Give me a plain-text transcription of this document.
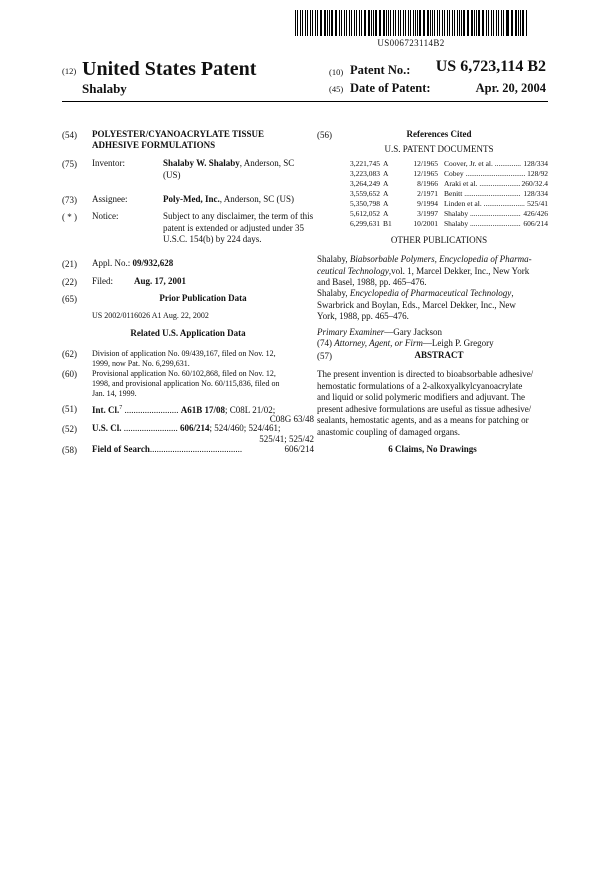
US006723114B2
(12) United States Patent
Shalaby
(10) Patent No.:	US 6,723,114 B2
(45) Date of Patent:	Apr. 20, 2004
(54) POLYESTER/CYANOACRYLATE TISSUE
ADHESIVE FORMULATIONS
(75) Inventor:	Shalaby W. Shalaby, Anderson, SC
(US)
(73) Assignee:	Poly-Med, Inc., Anderson, SC (US)
( * ) Notice:	Subject to any disclaimer, the term of this
patent is extended or adjusted under 35
U.S.C. 154(b) by 224 days.
(21) Appl. No.: 09/932,628
(22) Filed: Aug. 17, 2001
(65)	Prior Publication Data
US 2002/0116026 A1 Aug. 22, 2002
Related U.S. Application Data
(62) Division of application No. 09/439,167, filed on Nov. 12,
1999, now Pat. No. 6,299,631.
(60) Provisional application No. 60/102,868, filed on Nov. 12,
1998, and provisional application No. 60/115,836, filed on
Jan. 14, 1999.
(51) Int. Cl.$^7$ ........................ A61B 17/08; C08L 21/02;
C08G 63/48
(52) U.S. Cl. ........................ 606/214; 524/460; 524/461;
525/41; 525/42
(58) Field of Search .........................................	606/214
(56)	References Cited
U.S. PATENT DOCUMENTS
3,221,745 A	12/1965 Coover, Jr. et al. .....	128/334
3,223,083 A	12/1965 Cobey .....	128/92
3,264,249 A	8/1966 Araki et al. .....	260/32.4
3,559,652 A	2/1971 Benitt .....	128/334
5,350,798 A	9/1994 Linden et al. .....	525/41
5,612,052 A	3/1997 Shalaby .....	426/426
6,299,631 B1	10/2001 Shalaby .....	606/214
OTHER PUBLICATIONS
Shalaby, Biabsorbable Polymers, Encyclopedia of Pharma-
ceutical Technology,vol. 1, Marcel Dekker, Inc., New York
and Basel, 1988, pp. 465–476.
Shalaby, Encyclopedia of Pharmaceutical Technology,
Swarbrick and Boylan, Eds., Marcel Dekker, Inc., New
York, 1988, pp. 465–476.
Primary Examiner—Gary Jackson
(74) Attorney, Agent, or Firm—Leigh P. Gregory
(57)	ABSTRACT
The present invention is directed to bioabsorbable adhesive/
hemostatic formulations of a 2-alkoxyalkylcyanoacrylate
and liquid or solid polymeric modifiers and adjuvant. The
present adhesive formulations are useful as tissue adhesive/
sealants, hemostatic agents, and as a means for patching or
anastomic coupling of damaged organs.
6 Claims, No Drawings
